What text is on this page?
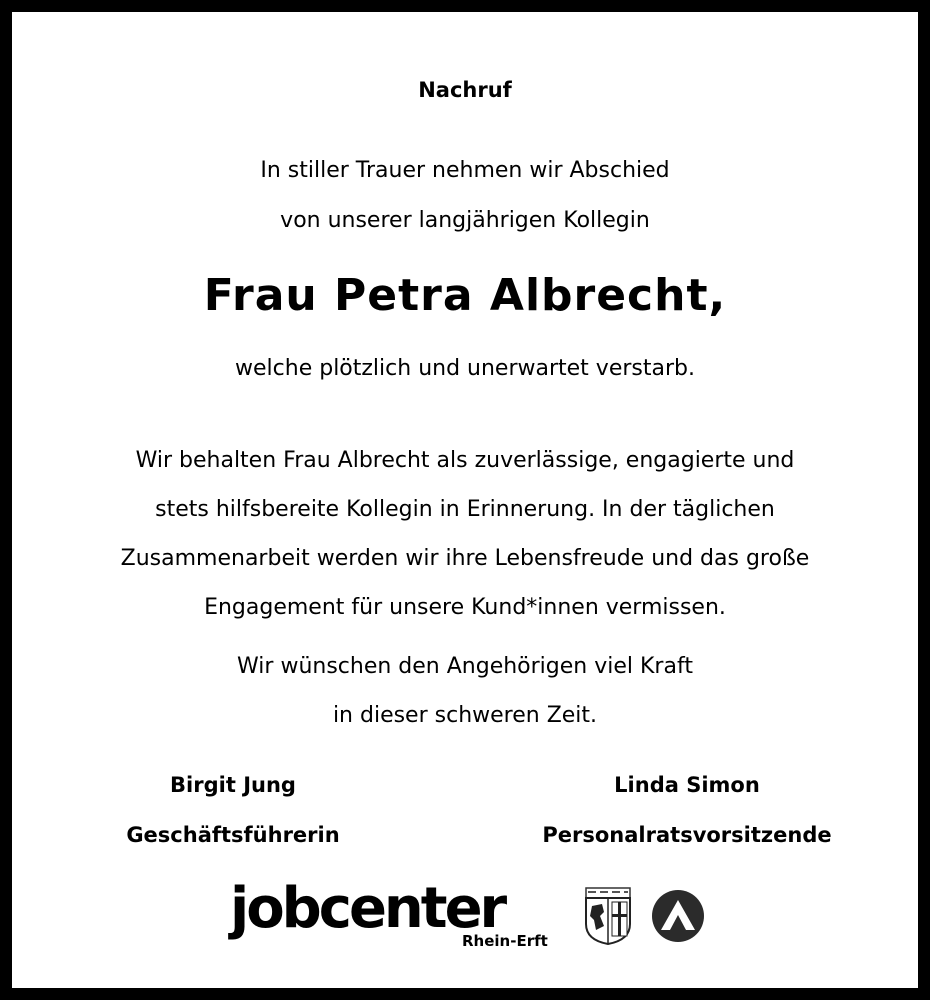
Nachruf

In stiller Trauer nehmen wir Abschied

von unserer langjährigen Kollegin

Frau Petra Albrecht,

welche plötzlich und unerwartet verstarb.

Wir behalten Frau Albrecht als zuverlässige, engagierte und
stets hilfsbereite Kollegin in Erinnerung. In der täglichen
Zusammenarbeit werden wir ihre Lebensfreude und das große
Engagement für unsere Kund*innen vermissen.
Wir wünschen den Angehörigen viel Kraft
in dieser schweren Zeit.
Birgit Jung
Geschäftsführerin
Linda Simon
Personalratsvorsitzende
jobcenter
Rhein-Erft
